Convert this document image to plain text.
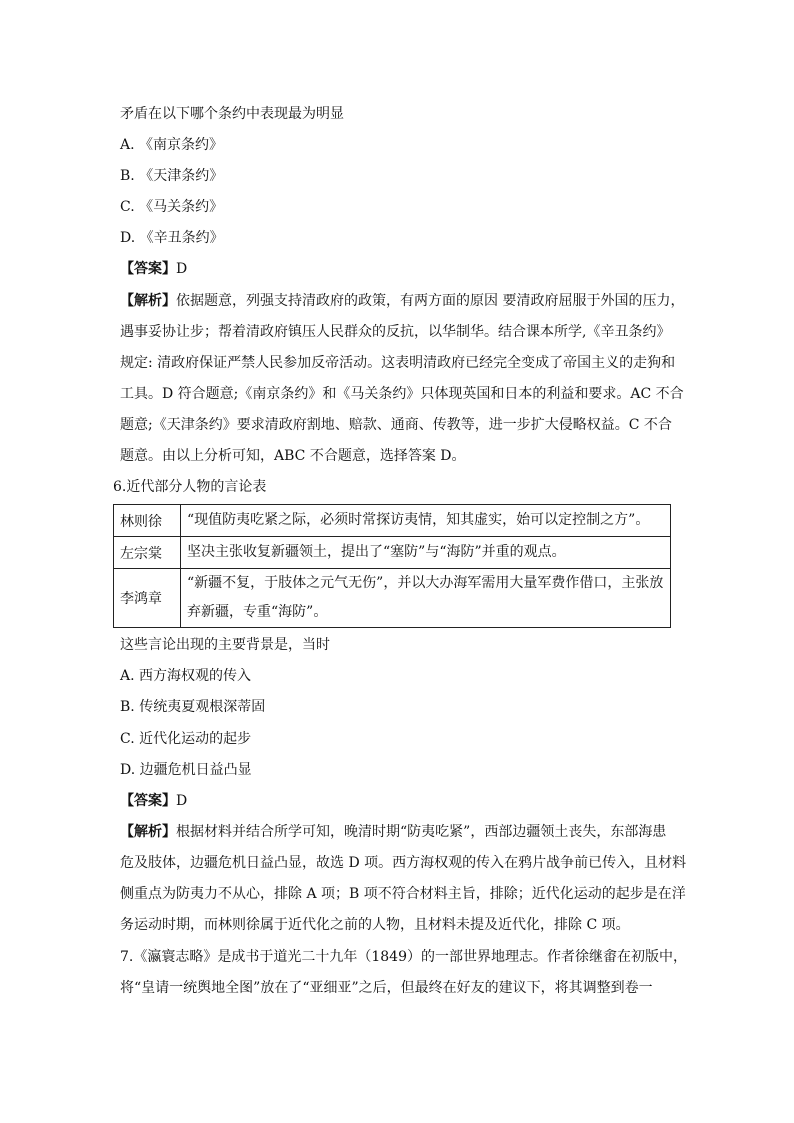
矛盾在以下哪个条约中表现最为明显
A. 《南京条约》
B. 《天津条约》
C. 《马关条约》
D. 《辛丑条约》
【答案】D
【解析】依据题意，列强支持清政府的政策，有两方面的原因 要清政府屈服于外国的压力，
遇事妥协让步；帮着清政府镇压人民群众的反抗，以华制华。结合课本所学,《辛丑条约》
规定: 清政府保证严禁人民参加反帝活动。这表明清政府已经完全变成了帝国主义的走狗和
工具。D 符合题意;《南京条约》和《马关条约》只体现英国和日本的利益和要求。AC 不合
题意;《天津条约》要求清政府割地、赔款、通商、传教等，进一步扩大侵略权益。C 不合
题意。由以上分析可知，ABC 不合题意，选择答案 D。
6.近代部分人物的言论表
林则徐	“现值防夷吃紧之际，必须时常探访夷情，知其虚实，始可以定控制之方”。
左宗棠	坚决主张收复新疆领土，提出了“塞防”与“海防”并重的观点。
李鸿章	“新疆不复，于肢体之元气无伤”，并以大办海军需用大量军费作借口，主张放
弃新疆，专重“海防”。
这些言论出现的主要背景是，当时
A. 西方海权观的传入
B. 传统夷夏观根深蒂固
C. 近代化运动的起步
D. 边疆危机日益凸显
【答案】D
【解析】根据材料并结合所学可知，晚清时期“防夷吃紧”，西部边疆领土丧失，东部海患
危及肢体，边疆危机日益凸显，故选 D 项。西方海权观的传入在鸦片战争前已传入，且材料
侧重点为防夷力不从心，排除 A 项；B 项不符合材料主旨，排除；近代化运动的起步是在洋
务运动时期，而林则徐属于近代化之前的人物，且材料未提及近代化，排除 C 项。
7.《瀛寰志略》是成书于道光二十九年（1849）的一部世界地理志。作者徐继畬在初版中，
将“皇请一统舆地全图”放在了“亚细亚”之后，但最终在好友的建议下，将其调整到卷一
